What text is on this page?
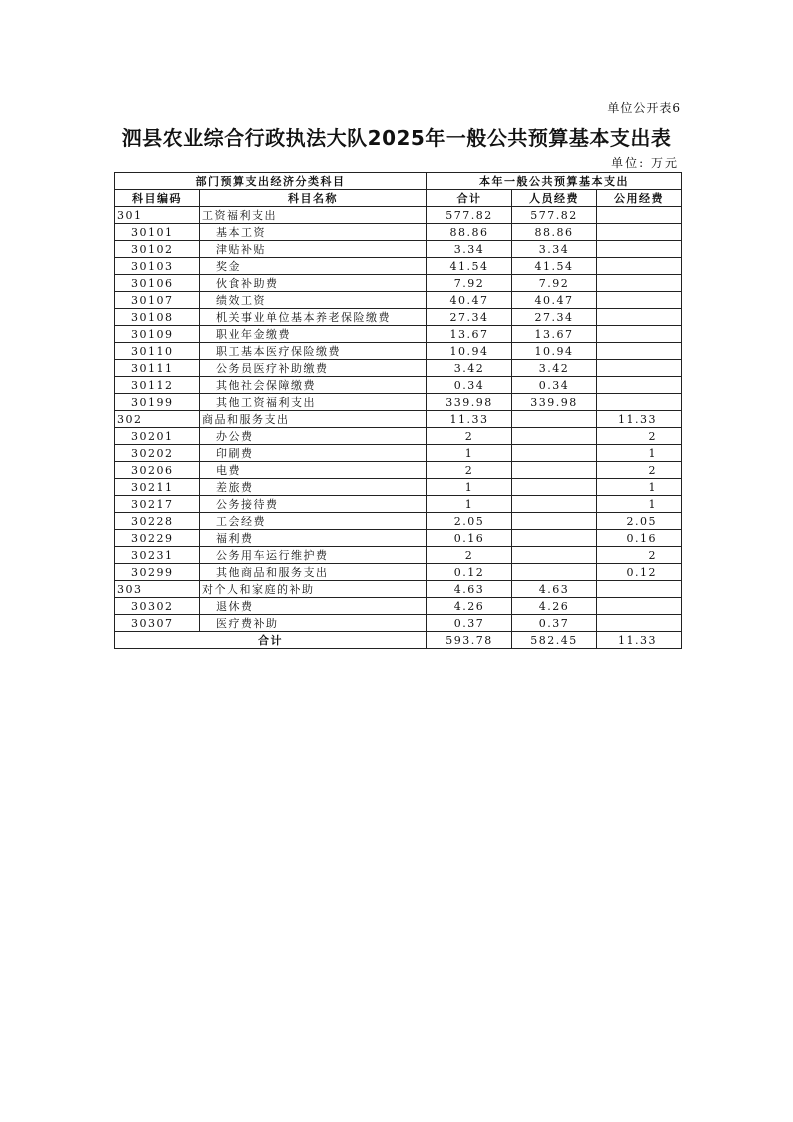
单位公开表6
泗县农业综合行政执法大队2025年一般公共预算基本支出表
单位: 万元
部门预算支出经济分类科目		本年一般公共预算基本支出		
科目编码	科目名称	合计	人员经费	公用经费
301	工资福利支出	577.82	577.82	
30101	基本工资	88.86	88.86	
30102	津贴补贴	3.34	3.34	
30103	奖金	41.54	41.54	
30106	伙食补助费	7.92	7.92	
30107	绩效工资	40.47	40.47	
30108	机关事业单位基本养老保险缴费	27.34	27.34	
30109	职业年金缴费	13.67	13.67	
30110	职工基本医疗保险缴费	10.94	10.94	
30111	公务员医疗补助缴费	3.42	3.42	
30112	其他社会保障缴费	0.34	0.34	
30199	其他工资福利支出	339.98	339.98	
302	商品和服务支出	11.33		11.33
30201	办公费	2		2
30202	印刷费	1		1
30206	电费	2		2
30211	差旅费	1		1
30217	公务接待费	1		1
30228	工会经费	2.05		2.05
30229	福利费	0.16		0.16
30231	公务用车运行维护费	2		2
30299	其他商品和服务支出	0.12		0.12
303	对个人和家庭的补助	4.63	4.63	
30302	退休费	4.26	4.26	
30307	医疗费补助	0.37	0.37	
合计		593.78	582.45	11.33
